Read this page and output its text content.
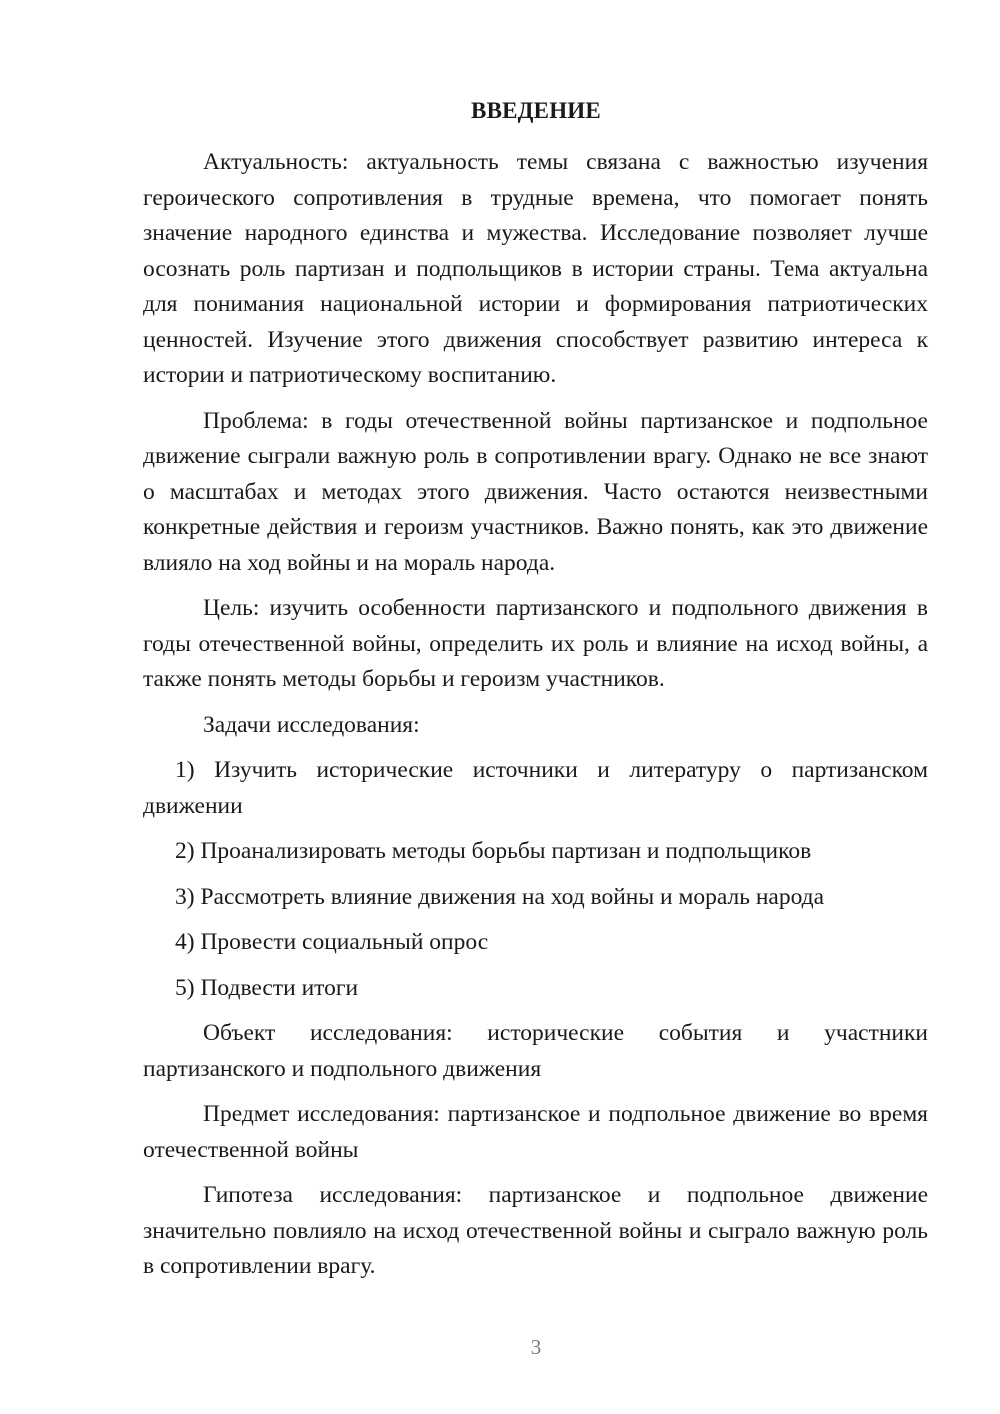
ВВЕДЕНИЕ

Актуальность: актуальность темы связана с важностью изучения героического сопротивления в трудные времена, что помогает понять значение народного единства и мужества. Исследование позволяет лучше осознать роль партизан и подпольщиков в истории страны. Тема актуальна для понимания национальной истории и формирования патриотических ценностей. Изучение этого движения способствует развитию интереса к истории и патриотическому воспитанию.

Проблема: в годы отечественной войны партизанское и подпольное движение сыграли важную роль в сопротивлении врагу. Однако не все знают о масштабах и методах этого движения. Часто остаются неизвестными конкретные действия и героизм участников. Важно понять, как это движение влияло на ход войны и на мораль народа.

Цель: изучить особенности партизанского и подпольного движения в годы отечественной войны, определить их роль и влияние на исход войны, а также понять методы борьбы и героизм участников.

Задачи исследования:

1) Изучить исторические источники и литературу о партизанском движении

2) Проанализировать методы борьбы партизан и подпольщиков

3) Рассмотреть влияние движения на ход войны и мораль народа

4) Провести социальный опрос

5) Подвести итоги

Объект исследования: исторические события и участники партизанского и подпольного движения

Предмет исследования: партизанское и подпольное движение во время отечественной войны

Гипотеза исследования: партизанское и подпольное движение значительно повлияло на исход отечественной войны и сыграло важную роль в сопротивлении врагу.

3
